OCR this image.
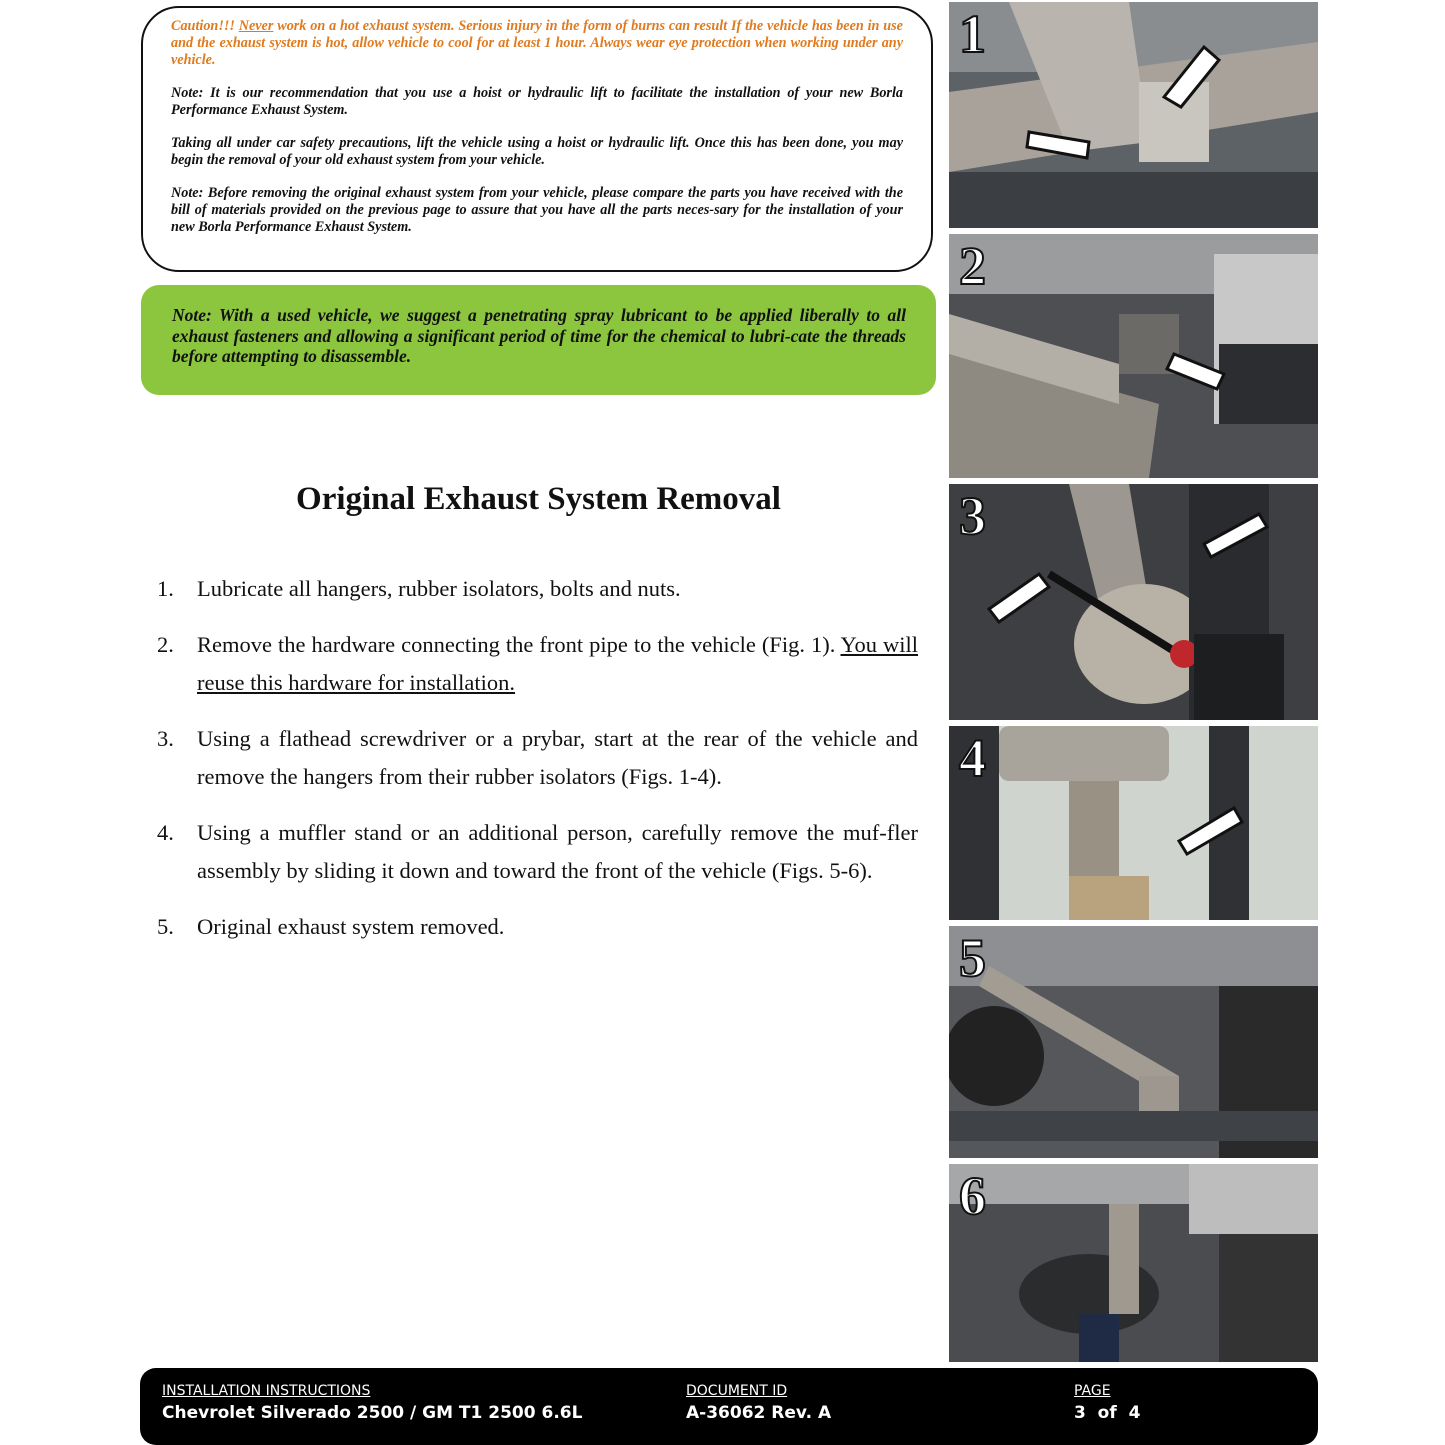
Caution!!! Never work on a hot exhaust system. Serious injury in the form of burns can result If the vehicle has been in use and the exhaust system is hot, allow vehicle to cool for at least 1 hour. Always wear eye protection when working under any vehicle.

Note: It is our recommendation that you use a hoist or hydraulic lift to facilitate the installation of your new Borla Performance Exhaust System.

Taking all under car safety precautions, lift the vehicle using a hoist or hydraulic lift. Once this has been done, you may begin the removal of your old exhaust system from your vehicle.

Note: Before removing the original exhaust system from your vehicle, please compare the parts you have received with the bill of materials provided on the previous page to assure that you have all the parts neces-sary for the installation of your new Borla Performance Exhaust System.

Note: With a used vehicle, we suggest a penetrating spray lubricant to be applied liberally to all exhaust fasteners and allowing a significant period of time for the chemical to lubri-cate the threads before attempting to disassemble.
Original Exhaust System Removal
1. Lubricate all hangers, rubber isolators, bolts and nuts.
2. Remove the hardware connecting the front pipe to the vehicle (Fig. 1). You will reuse this hardware for installation.
3. Using a flathead screwdriver or a prybar, start at the rear of the vehicle and remove the hangers from their rubber isolators (Figs. 1-4).
4. Using a muffler stand or an additional person, carefully remove the muf-fler assembly by sliding it down and toward the front of the vehicle (Figs. 5-6).
5. Original exhaust system removed.
1
2
3
4
5
6
INSTALLATION INSTRUCTIONS
Chevrolet Silverado 2500 / GM T1 2500 6.6L
DOCUMENT ID
A-36062 Rev. A
PAGE
3  of  4
